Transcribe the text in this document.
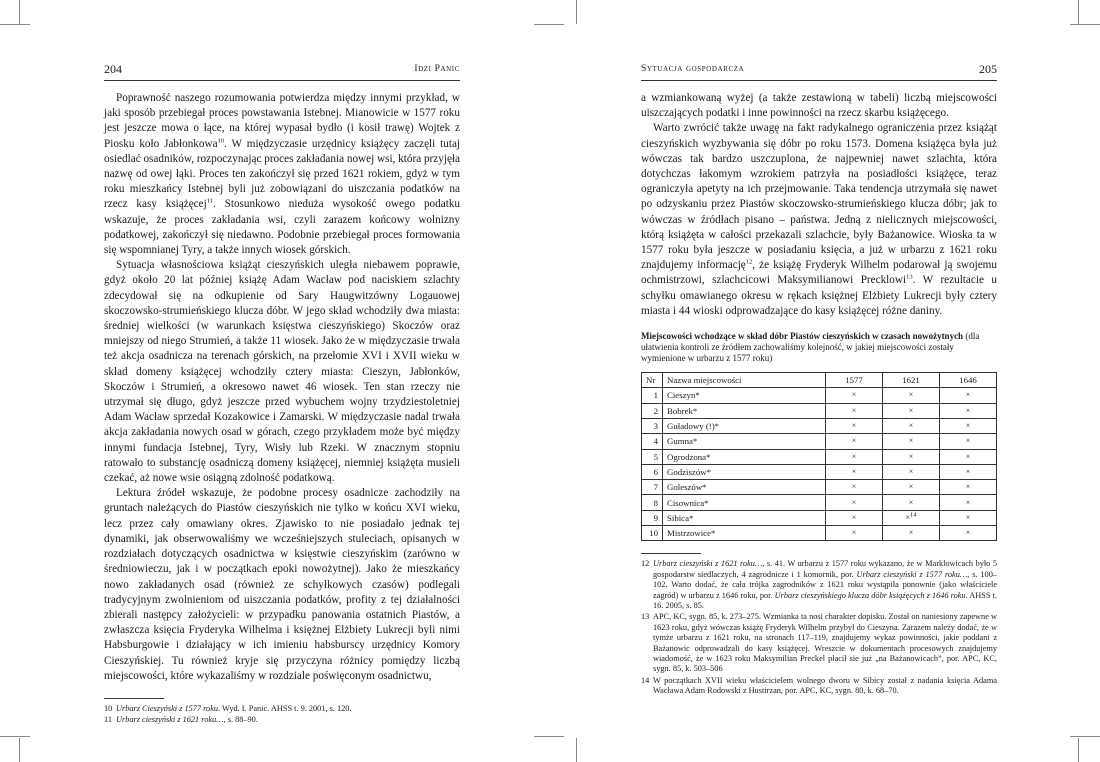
204	Idzi Panic

Poprawność naszego rozumowania potwierdza między innymi przykład, w jaki sposób przebiegał proces powstawania Istebnej. Mianowicie w 1577 roku jest jeszcze mowa o łące, na której wypasał bydło (i kosił trawę) Wojtek z Piosku koło Jabłonkowa$^{10}$. W międzyczasie urzędnicy książęcy zaczęli tutaj osiedlać osadników, rozpoczynając proces zakładania nowej wsi, która przyjęła nazwę od owej łąki. Proces ten zakończył się przed 1621 rokiem, gdyż w tym roku mieszkańcy Istebnej byli już zobowiązani do uiszczania podatków na rzecz kasy książęcej$^{11}$. Stosunkowo niedużа wysokość owego podatku wskazuje, że proces zakładania wsi, czyli zarazem końcowy wolnizny podatkowej, zakończył się niedawno. Podobnie przebiegał proces formowania się wspomnianej Tyry, a także innych wiosek górskich.

Sytuacja własnościowa książąt cieszyńskich uległa niebawem poprawie, gdyż około 20 lat później książę Adam Wacław pod naciskiem szlachty zdecydował się na odkupienie od Sary Haugwitzówny Logauowej skoczowsko-strumieńskiego klucza dóbr. W jego skład wchodziły dwa miasta: średniej wielkości (w warunkach księstwa cieszyńskiego) Skoczów oraz mniejszy od niego Strumień, a także 11 wiosek. Jako że w międzyczasie trwała też akcja osadnicza na terenach górskich, na przełomie XVI i XVII wieku w skład domeny książęcej wchodziły cztery miasta: Cieszyn, Jabłonków, Skoczów i Strumień, a okresowo nawet 46 wiosek. Ten stan rzeczy nie utrzymał się długo, gdyż jeszcze przed wybuchem wojny trzydziestoletniej Adam Wacław sprzedał Kozakowice i Zamarski. W międzyczasie nadal trwała akcja zakładania nowych osad w górach, czego przykładem może być między innymi fundacja Istebnej, Tyry, Wisły lub Rzeki. W znacznym stopniu ratowało to substancję osadniczą domeny książęcej, niemniej książęta musieli czekać, aż nowe wsie osiągną zdolność podatkową.

Lektura źródeł wskazuje, że podobne procesy osadnicze zachodziły na gruntach należących do Piastów cieszyńskich nie tylko w końcu XVI wieku, lecz przez cały omawiany okres. Zjawisko to nie posiadało jednak tej dynamiki, jak obserwowaliśmy we wcześniejszych stuleciach, opisanych w rozdziałach dotyczących osadnictwa w księstwie cieszyńskim (zarówno w średniowieczu, jak i w początkach epoki nowożytnej). Jako że mieszkańcy nowo zakładanych osad (również ze schyłkowych czasów) podlegali tradycyjnym zwolnieniom od uiszczania podatków, profity z tej działalności zbierali następcy założycieli: w przypadku panowania ostatnich Piastów, a zwłaszcza księcia Fryderyka Wilhelma i księżnej Elżbiety Lukrecji byli nimi Habsburgowie i działający w ich imieniu habsburscy urzędnicy Komory Cieszyńskiej. Tu również kryje się przyczyna różnicy pomiędzy liczbą miejscowości, które wykazaliśmy w rozdziale poświęconym osadnictwu,

10 Urbarz Cieszyński z 1577 roku. Wyd. I. Panic. AHSS t. 9. 2001, s. 120.
11 Urbarz cieszyński z 1621 roku…, s. 88–90.
Sytuacja gospodarcza	205

a wzmiankowaną wyżej (a także zestawioną w tabeli) liczbą miejscowości uiszczających podatki i inne powinności na rzecz skarbu książęcego.

Warto zwrócić także uwagę na fakt radykalnego ograniczenia przez książąt cieszyńskich wyzbywania się dóbr po roku 1573. Domena książęca była już wówczas tak bardzo uszczuplona, że najpewniej nawet szlachta, która dotychczas łakomym wzrokiem patrzyła na posiadłości książęce, teraz ograniczyła apetyty na ich przejmowanie. Taka tendencja utrzymała się nawet po odzyskaniu przez Piastów skoczowsko-strumieńskiego klucza dóbr; jak to wówczas w źródłach pisano – państwa. Jedną z nielicznych miejscowości, którą książęta w całości przekazali szlachcie, były Bażanowice. Wioska ta w 1577 roku była jeszcze w posiadaniu księcia, a już w urbarzu z 1621 roku znajdujemy informację$^{12}$, że książę Fryderyk Wilhelm podarował ją swojemu ochmistrzowi, szlachcicowi Maksymilianowi Precklowi$^{13}$. W rezultacie u schyłku omawianego okresu w rękach księżnej Elżbiety Lukrecji były cztery miasta i 44 wioski odprowadzające do kasy książęcej różne daniny.

Miejscowości wchodzące w skład dóbr Piastów cieszyńskich w czasach nowożytnych (dla ułatwienia kontroli ze źródłem zachowaliśmy kolejność, w jakiej miejscowości zostały wymienione w urbarzu z 1577 roku)
Nr	Nazwa miejscowości	1577	1621	1646
1	Cieszyn*	×	×	×
2	Bobrek*	×	×	×
3	Guładowy (!)*	×	×	×
4	Gumna*	×	×	×
5	Ogrodzona*	×	×	×
6	Godziszów*	×	×	×
7	Goleszów*	×	×	×
8	Cisownica*	×	×	×
9	Sibica*	×	×$^{14}$	×
10	Mistrzowice*	×	×	×
12 Urbarz cieszyński z 1621 roku…, s. 41. W urbarzu z 1577 roku wykazano, że w Marklowicach było 5 gospodarstw siedlaczych, 4 zagrodnicze i 1 komornik, por. Urbarz cieszyński z 1577 roku…, s. 100–102. Warto dodać, że cała trójka zagrodników z 1621 roku wystąpiła ponownie (jako właściciele zagród) w urbarzu z 1646 roku, por. Urbarz cieszyńskiego klucza dóbr książęcych z 1646 roku. AHSS t. 16. 2005, s. 85.
13 APC, KC, sygn. 85, k. 273–275. Wzmianka ta nosi charakter dopisku. Został on naniesiony zapewne w 1623 roku, gdyż wówczas książę Fryderyk Wilhelm przybył do Cieszyna. Zarazem należy dodać, że w tymże urbarzu z 1621 roku, na stronach 117–119, znajdujemy wykaz powinności, jakie poddani z Bażanowic odprowadzali do kasy książęcej. Wreszcie w dokumentach procesowych znajdujemy wiadomość, że w 1623 roku Maksymilian Preckel płacił sie już „na Bażanowicach”, por. APC, KC, sygn. 85, k. 503–506
14 W początkach XVII wieku właścicielem wolnego dworu w Sibicy został z nadania księcia Adama Wacława Adam Rodowski z Hustirzan, por. APC, KC, sygn. 80, k. 68–70.
